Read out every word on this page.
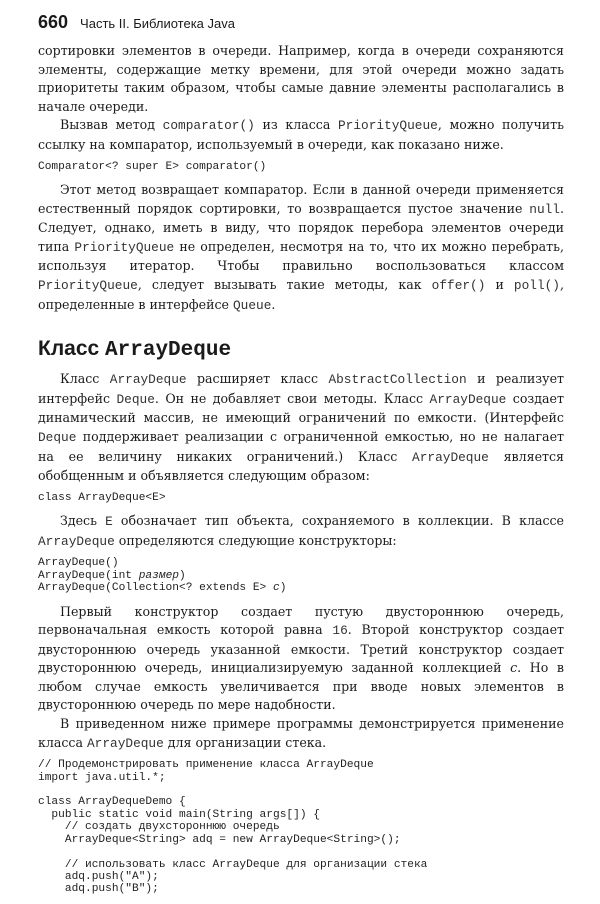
660 Часть II. Библиотека Java

сортировки элементов в очереди. Например, когда в очереди сохраняются элементы, содержащие метку времени, для этой очереди можно задать приоритеты таким образом, чтобы самые давние элементы располагались в начале очереди.

Вызвав метод comparator() из класса PriorityQueue, можно получить ссылку на компаратор, используемый в очереди, как показано ниже.

Comparator<? super E> comparator()

Этот метод возвращает компаратор. Если в данной очереди применяется естественный порядок сортировки, то возвращается пустое значение null. Следует, однако, иметь в виду, что порядок перебора элементов очереди типа PriorityQueue не определен, несмотря на то, что их можно перебрать, используя итератор. Чтобы правильно воспользоваться классом PriorityQueue, следует вызывать такие методы, как offer() и poll(), определенные в интерфейсе Queue.

Класс ArrayDeque

Класс ArrayDeque расширяет класс AbstractCollection и реализует интерфейс Deque. Он не добавляет свои методы. Класс ArrayDeque создает динамический массив, не имеющий ограничений по емкости. (Интерфейс Deque поддерживает реализации с ограниченной емкостью, но не налагает на ее величину никаких ограничений.) Класс ArrayDeque является обобщенным и объявляется следующим образом:

class ArrayDeque<E>

Здесь E обозначает тип объекта, сохраняемого в коллекции. В классе ArrayDeque определяются следующие конструкторы:

ArrayDeque()
ArrayDeque(int размер)
ArrayDeque(Collection<? extends E> c)

Первый конструктор создает пустую двустороннюю очередь, первоначальная емкость которой равна 16. Второй конструктор создает двустороннюю очередь указанной емкости. Третий конструктор создает двустороннюю очередь, инициализируемую заданной коллекцией c. Но в любом случае емкость увеличивается при вводе новых элементов в двустороннюю очередь по мере надобности.

В приведенном ниже примере программы демонстрируется применение класса ArrayDeque для организации стека.

// Продемонстрировать применение класса ArrayDeque
import java.util.*;

class ArrayDequeDemo {
public static void main(String args[]) {
// создать двухстороннюю очередь
ArrayDeque<String> adq = new ArrayDeque<String>();

// использовать класс ArrayDeque для организации стека
adq.push("A");
adq.push("B");
